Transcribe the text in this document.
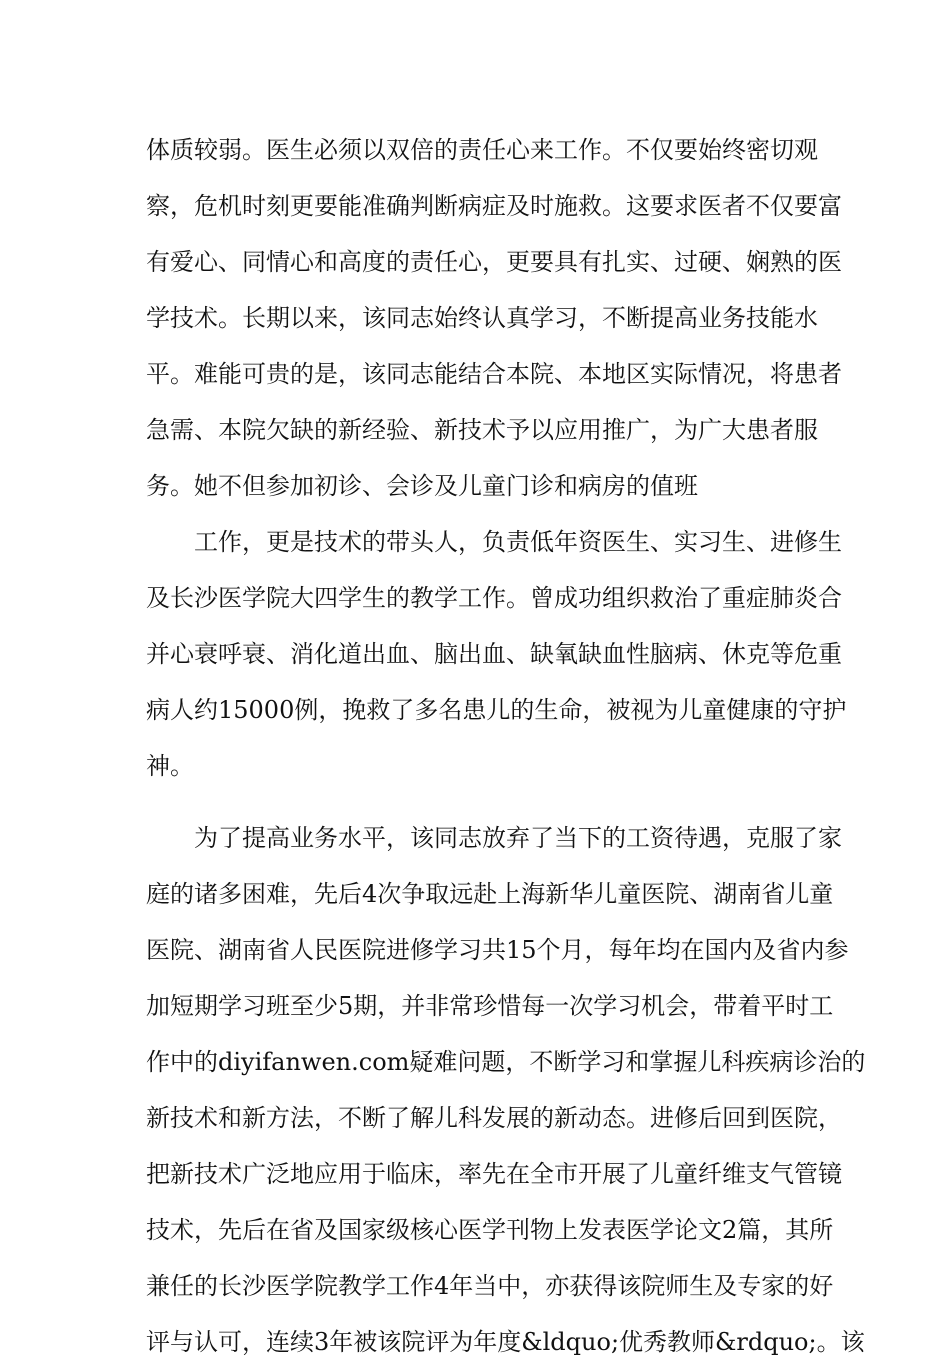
体质较弱。医生必须以双倍的责任心来工作。不仅要始终密切观
察，危机时刻更要能准确判断病症及时施救。这要求医者不仅要富
有爱心、同情心和高度的责任心，更要具有扎实、过硬、娴熟的医
学技术。长期以来，该同志始终认真学习，不断提高业务技能水
平。难能可贵的是，该同志能结合本院、本地区实际情况，将患者
急需、本院欠缺的新经验、新技术予以应用推广，为广大患者服
务。她不但参加初诊、会诊及儿童门诊和病房的值班
工作，更是技术的带头人，负责低年资医生、实习生、进修生
及长沙医学院大四学生的教学工作。曾成功组织救治了重症肺炎合
并心衰呼衰、消化道出血、脑出血、缺氧缺血性脑病、休克等危重
病人约15000例，挽救了多名患儿的生命，被视为儿童健康的守护
神。
为了提高业务水平，该同志放弃了当下的工资待遇，克服了家
庭的诸多困难，先后4次争取远赴上海新华儿童医院、湖南省儿童
医院、湖南省人民医院进修学习共15个月，每年均在国内及省内参
加短期学习班至少5期，并非常珍惜每一次学习机会，带着平时工
作中的diyifanwen.com疑难问题，不断学习和掌握儿科疾病诊治的
新技术和新方法，不断了解儿科发展的新动态。进修后回到医院，
把新技术广泛地应用于临床，率先在全市开展了儿童纤维支气管镜
技术，先后在省及国家级核心医学刊物上发表医学论文2篇，其所
兼任的长沙医学院教学工作4年当中，亦获得该院师生及专家的好
评与认可，连续3年被该院评为年度&ldquo;优秀教师&rdquo;。该
